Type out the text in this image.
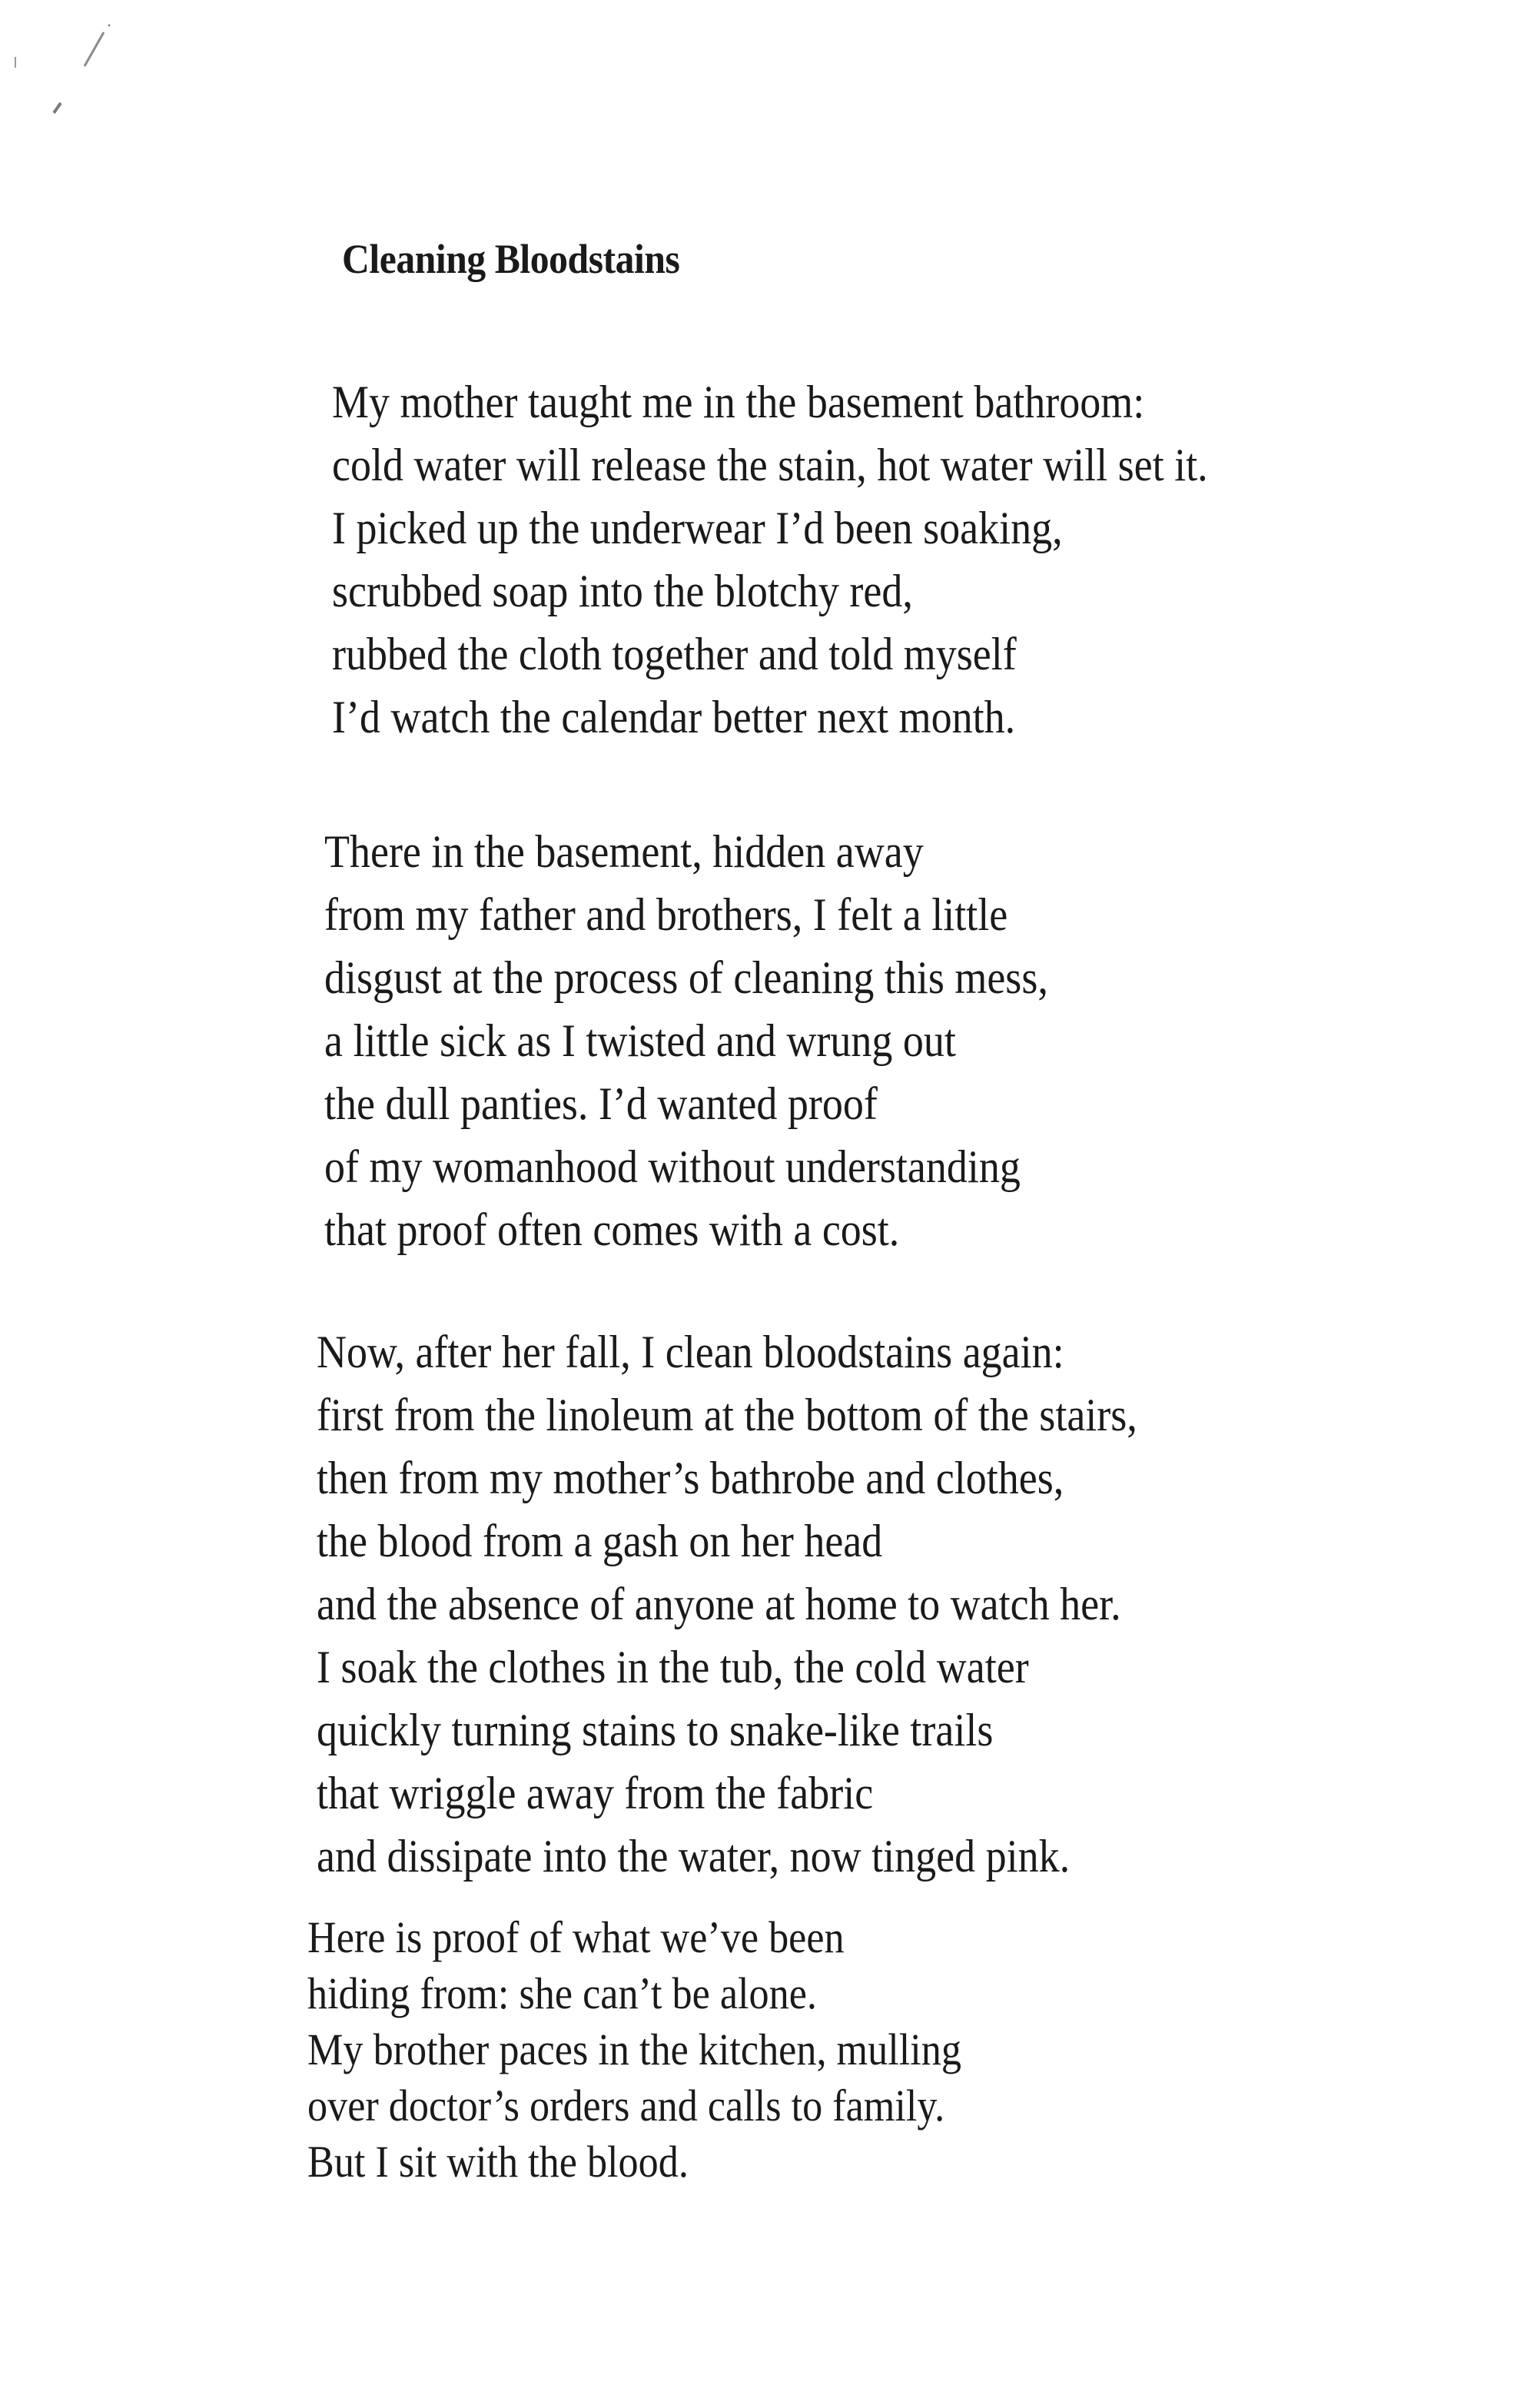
Cleaning Bloodstains
My mother taught me in the basement bathroom:
cold water will release the stain, hot water will set it.
I picked up the underwear I’d been soaking,
scrubbed soap into the blotchy red,
rubbed the cloth together and told myself
I’d watch the calendar better next month.
There in the basement, hidden away
from my father and brothers, I felt a little
disgust at the process of cleaning this mess,
a little sick as I twisted and wrung out
the dull panties. I’d wanted proof
of my womanhood without understanding
that proof often comes with a cost.
Now, after her fall, I clean bloodstains again:
first from the linoleum at the bottom of the stairs,
then from my mother’s bathrobe and clothes,
the blood from a gash on her head
and the absence of anyone at home to watch her.
I soak the clothes in the tub, the cold water
quickly turning stains to snake-like trails
that wriggle away from the fabric
and dissipate into the water, now tinged pink.
Here is proof of what we’ve been
hiding from: she can’t be alone.
My brother paces in the kitchen, mulling
over doctor’s orders and calls to family.
But I sit with the blood.
